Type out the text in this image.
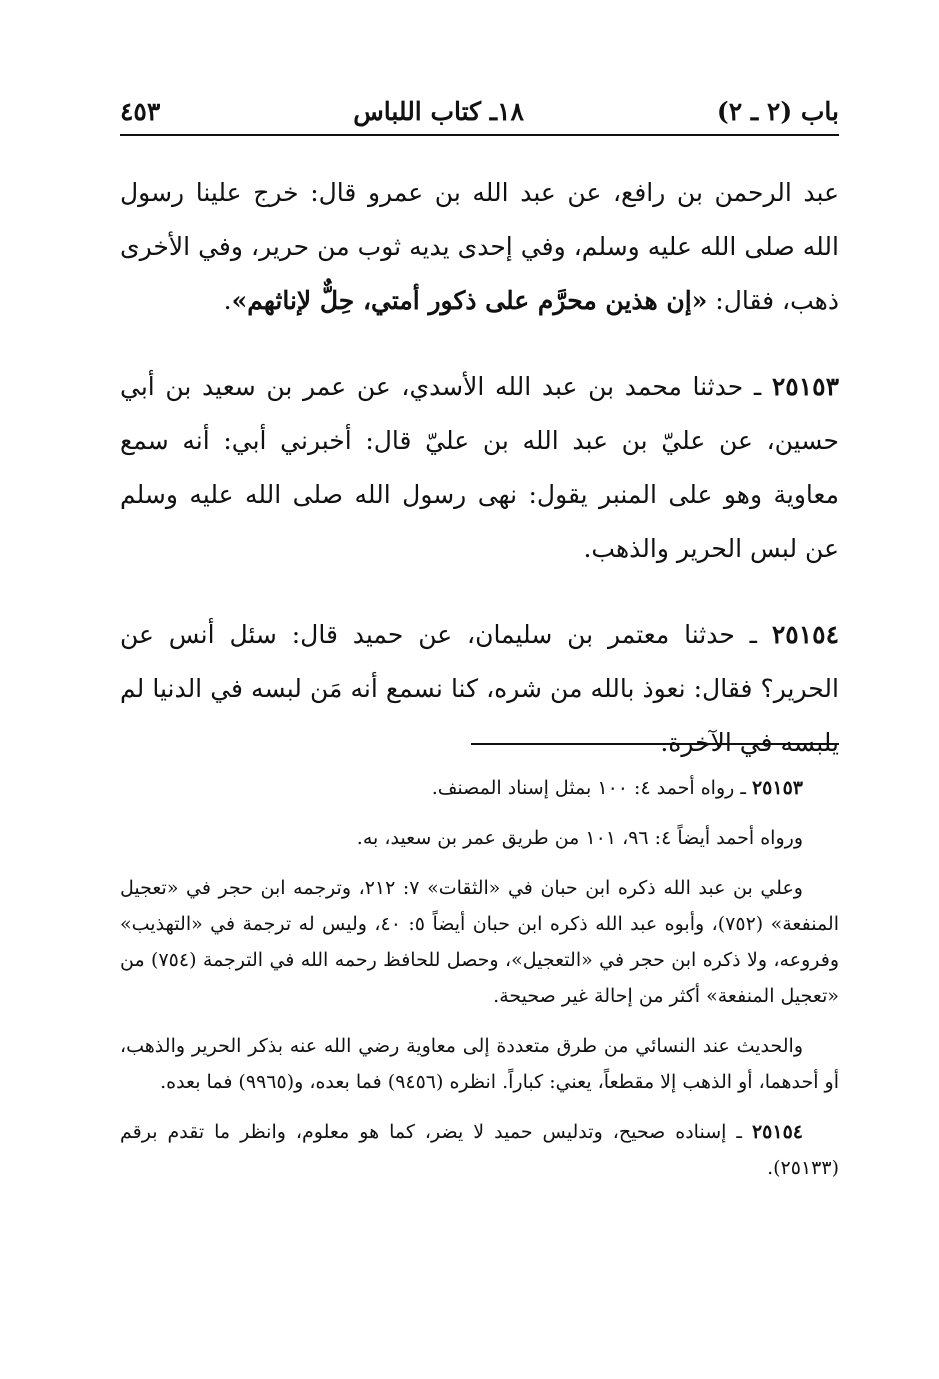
باب (٢ ـ ٢)
١٨ـ كتاب اللباس
٤٥٣

عبد الرحمن بن رافع، عن عبد الله بن عمرو قال: خرج علينا رسول الله صلى الله عليه وسلم، وفي إحدى يديه ثوب من حرير، وفي الأخرى ذهب، فقال: «إن هذين محرَّم على ذكور أمتي، حِلٌّ لإناثهم».

٢٥١٥٣ ـ حدثنا محمد بن عبد الله الأسدي، عن عمر بن سعيد بن أبي حسين، عن عليّ بن عبد الله بن عليّ قال: أخبرني أبي: أنه سمع معاوية وهو على المنبر يقول: نهى رسول الله صلى الله عليه وسلم عن لبس الحرير والذهب.

٢٥١٥٤ ـ حدثنا معتمر بن سليمان، عن حميد قال: سئل أنس عن الحرير؟ فقال: نعوذ بالله من شره، كنا نسمع أنه مَن لبسه في الدنيا لم يلبسه في الآخرة.

٢٥١٥٣ ـ رواه أحمد ٤: ١٠٠ بمثل إسناد المصنف.

ورواه أحمد أيضاً ٤: ٩٦، ١٠١ من طريق عمر بن سعيد، به.

وعلي بن عبد الله ذكره ابن حبان في «الثقات» ٧: ٢١٢، وترجمه ابن حجر في «تعجيل المنفعة» (٧٥٢)، وأبوه عبد الله ذكره ابن حبان أيضاً ٥: ٤٠، وليس له ترجمة في «التهذيب» وفروعه، ولا ذكره ابن حجر في «التعجيل»، وحصل للحافظ رحمه الله في الترجمة (٧٥٤) من «تعجيل المنفعة» أكثر من إحالة غير صحيحة.

والحديث عند النسائي من طرق متعددة إلى معاوية رضي الله عنه بذكر الحرير والذهب، أو أحدهما، أو الذهب إلا مقطعاً، يعني: كباراً. انظره (٩٤٥٦) فما بعده، و(٩٩٦٥) فما بعده.

٢٥١٥٤ ـ إسناده صحيح، وتدليس حميد لا يضر، كما هو معلوم، وانظر ما تقدم برقم (٢٥١٣٣).
